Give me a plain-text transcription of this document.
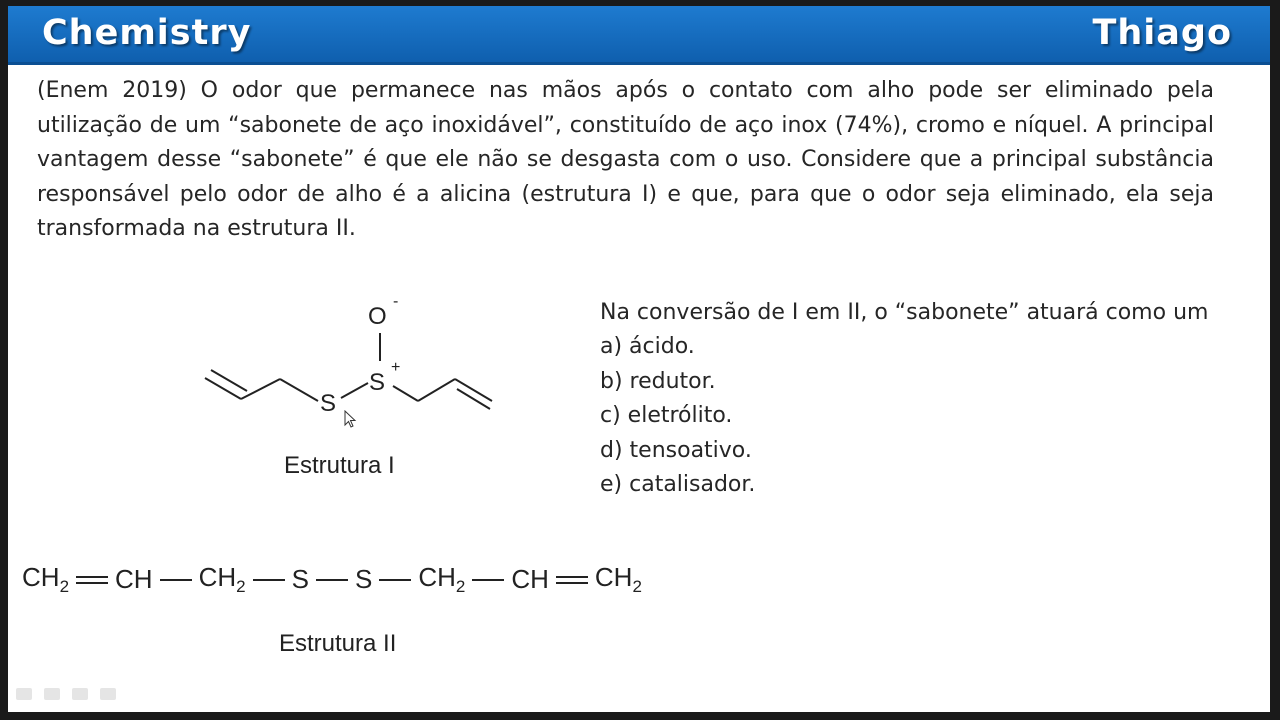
Chemistry	Thiago

(Enem 2019) O odor que permanece nas mãos após o contato com alho pode ser eliminado pela utilização de um “sabonete de aço inoxidável”, constituído de aço inox (74%), cromo e níquel. A principal vantagem desse “sabonete” é que ele não se desgasta com o uso. Considere que a principal substância responsável pelo odor de alho é a alicina (estrutura I) e que, para que o odor seja eliminado, ela seja transformada na estrutura II.

O
-
S
+
S
Estrutura I
Na conversão de I em II, o “sabonete” atuará como um
a) ácido.
b) redutor.
c) eletrólito.
d) tensoativo.
e) catalisador.
$CH_2$ CH $CH_2$ S S $CH_2$ CH $CH_2$
Estrutura II
